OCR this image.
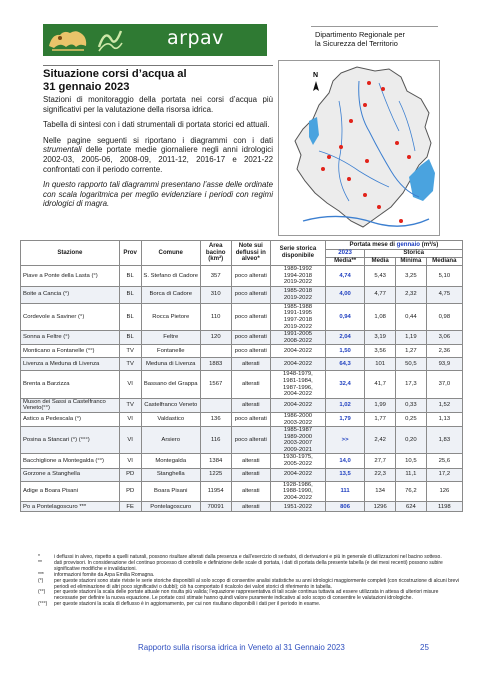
arpav	Dipartimento Regionale per
la Sicurezza del Territorio
Situazione corsi d’acqua al
31 gennaio 2023

Stazioni di monitoraggio della portata nei corsi d’acqua più significativi per la valutazione della risorsa idrica.

Tabella di sintesi con i dati strumentali di portata storici ed attuali.

Nelle pagine seguenti si riportano i diagrammi con i dati strumentali delle portate medie giornaliere negli anni idrologici 2002-03, 2005-06, 2008-09, 2011-12, 2016-17 e 2021-22 confrontati con il periodo corrente.

In questo rapporto tali diagrammi presentano l’asse delle ordinate con scala logaritmica per meglio evidenziare i periodi con regimi idrologici di magra.

N
Stazione	Prov	Comune	Area bacino (km²)	Note sui deflussi in alveo*	Serie storica disponibile	Portata mese di gennaio (m³/s)			
						2023	Storica		
						Media**	Media	Minima	Mediana
Piave a Ponte della Lasta (°)	BL	S. Stefano di Cadore	357	poco alterati	1989-1992
1994-2018
2019-2022	4,74	5,43	3,25	5,10
Boite a Cancia (°)	BL	Borca di Cadore	310	poco alterati	1985-2018
2019-2022	4,00	4,77	2,32	4,75
Cordevole a Saviner (°)	BL	Rocca Pietore	110	poco alterati	1985-1988
1991-1995
1997-2018
2019-2022	0,94	1,08	0,44	0,98
Sonna a Feltre (°)	BL	Feltre	120	poco alterati	1991-2005
2008-2022	2,04	3,19	1,19	3,06
Monticano a Fontanelle (°°)	TV	Fontanelle		poco alterati	2004-2022	1,50	3,56	1,27	2,36
Livenza a Meduna di Livenza	TV	Meduna di Livenza	1883	alterati	2004-2022	64,3	101	50,5	93,9
Brenta a Barzizza	VI	Bassano del Grappa	1567	alterati	1948-1979,
1981-1984,
1987-1996,
2004-2022	32,4	41,7	17,3	37,0
Muson dei Sassi a Castelfranco Veneto(°°)	TV	Castelfranco Veneto		alterati	2004-2022	1,02	1,99	0,33	1,52
Astico a Pedescala (°)	VI	Valdastico	136	poco alterati	1986-2000
2003-2022	1,79	1,77	0,25	1,13
Posina a Stancari (°) (°°°)	VI	Arsiero	116	poco alterati	1985-1987
1989-2000
2003-2007
2009-2021	>>	2,42	0,20	1,83
Bacchiglione a Montegalda (°°)	VI	Montegalda	1384	alterati	1930-1975,
2005-2022	14,0	27,7	10,5	25,6
Gorzone a Stanghella	PD	Stanghella	1225	alterati	2004-2022	13,5	22,3	11,1	17,2
Adige a Boara Pisani	PD	Boara Pisani	11954	alterati	1928-1986,
1988-1990,
2004-2022	111	134	76,2	126
Po a Pontelagoscuro ***	FE	Pontelagoscuro	70091	alterati	1951-2022	806	1296	624	1198
*	i deflussi in alveo, rispetto a quelli naturali, possono risultare alterati dalla presenza e dall’esercizio di serbatoi, di derivazioni e più in generale di utilizzazioni nel bacino sotteso.
**	dati provvisori. In considerazione del continuo processo di controllo e definizione delle scale di portata, i dati di portata della presente tabella (e dei mesi recenti) possono subire significative modifiche e invalidazioni.
***	informazioni fornite da Arpa Emilia Romagna.
(°)	per queste stazioni sono state riviste le serie storiche disponibili al solo scopo di consentire analisi statistiche su anni idrologici maggiormente completi (con ricostruzione di alcuni brevi periodi ed eliminazione di altri poco significativi o dubbi); ciò ha comportato il ricalcolo dei valori storici di riferimento in tabella.
(°°)	per queste stazioni la scala delle portate attuale non risulta più valida; l’equazione rappresentativa di tali scale continua tuttavia ad essere utilizzata in attesa di ulteriori misure necessarie per definire la nuova equazione. Le portate così stimate hanno quindi valore puramente indicativo al solo scopo di consentire le valutazioni idrologiche.
(°°°)	per queste stazioni la scala di deflusso è in aggiornamento, per cui non risultano disponibili i dati per il periodo in esame.
Rapporto sulla risorsa idrica in Veneto al 31 Gennaio 2023	25
